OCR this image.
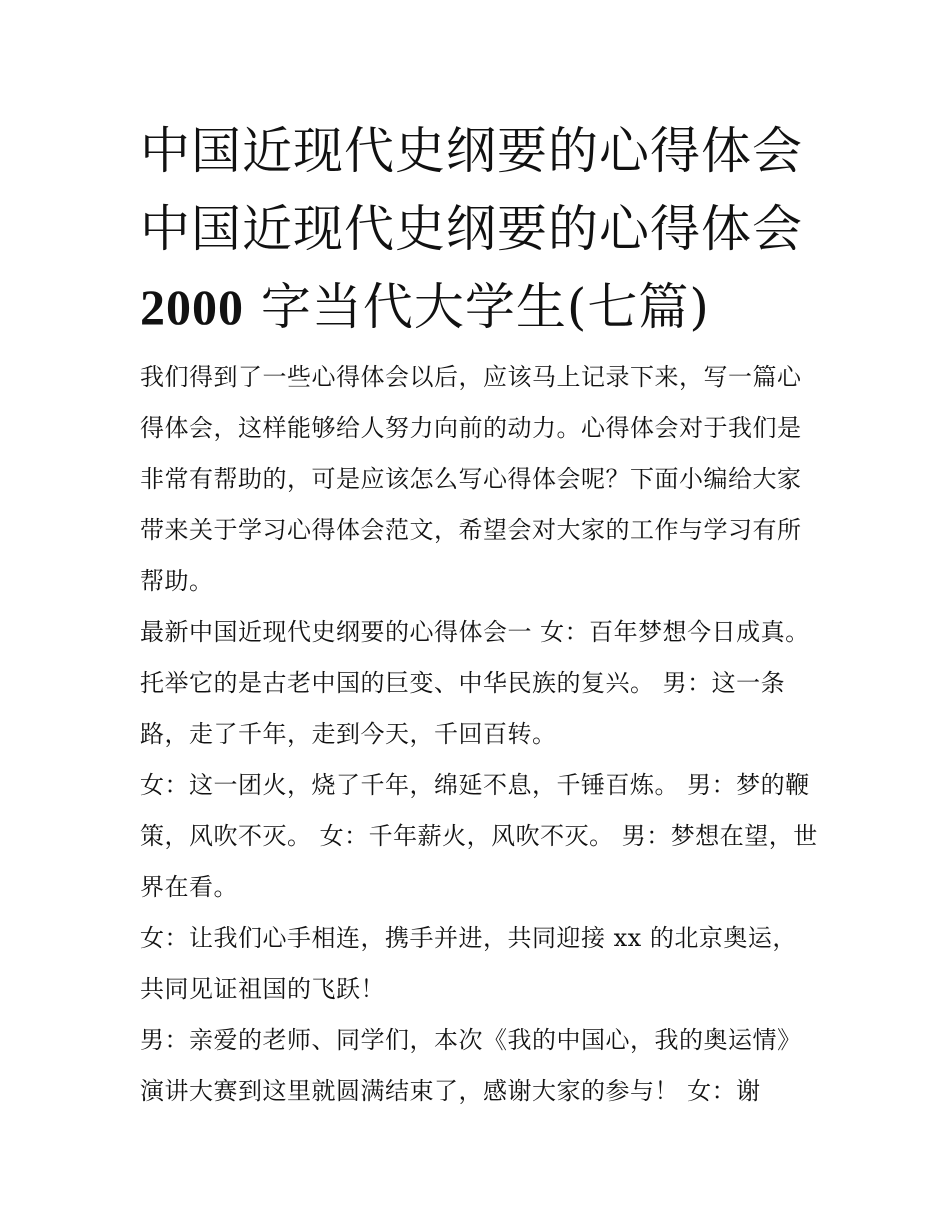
中国近现代史纲要的心得体会
中国近现代史纲要的心得体会
2000 字当代大学生(七篇)

我们得到了一些心得体会以后，应该马上记录下来，写一篇心得体会，这样能够给人努力向前的动力。心得体会对于我们是非常有帮助的，可是应该怎么写心得体会呢？下面小编给大家带来关于学习心得体会范文，希望会对大家的工作与学习有所帮助。

最新中国近现代史纲要的心得体会一 女：百年梦想今日成真。托举它的是古老中国的巨变、中华民族的复兴。 男：这一条路，走了千年，走到今天，千回百转。

女：这一团火，烧了千年，绵延不息，千锤百炼。 男：梦的鞭策，风吹不灭。 女：千年薪火，风吹不灭。 男：梦想在望，世界在看。

女：让我们心手相连，携手并进，共同迎接 xx 的北京奥运，共同见证祖国的飞跃！

男：亲爱的老师、同学们，本次《我的中国心，我的奥运情》演讲大赛到这里就圆满结束了，感谢大家的参与！ 女：谢
